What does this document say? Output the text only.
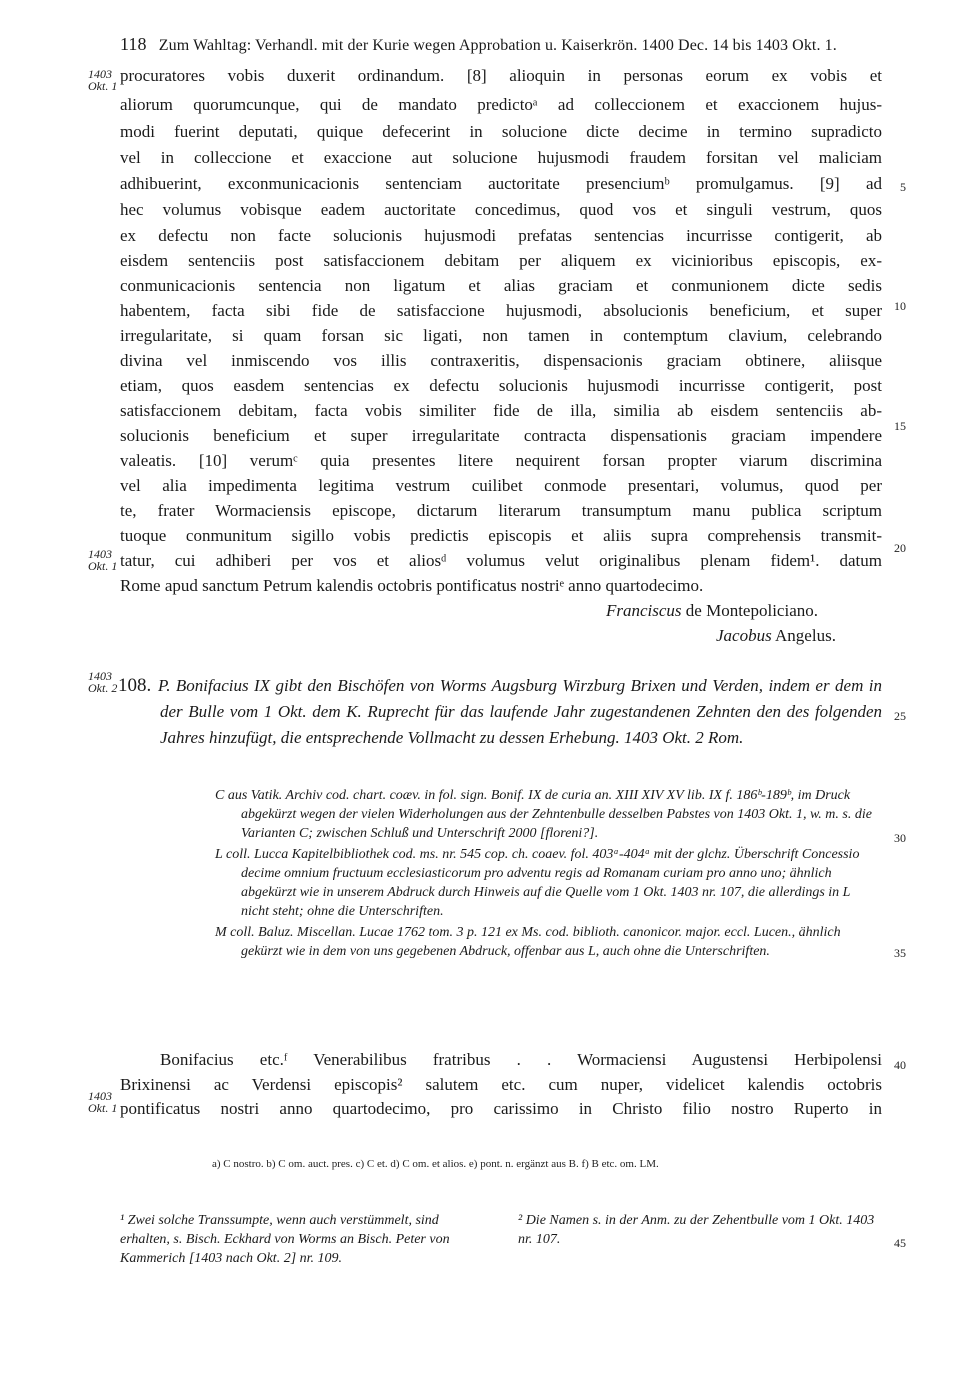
118 Zum Wahltag: Verhandl. mit der Kurie wegen Approbation u. Kaiserkrön. 1400 Dec. 14 bis 1403 Okt. 1.
1403
Okt. 1
1403
Okt. 1
1403
Okt. 2
1403
Okt. 1
5
10
15
20
25
30
35
40
45
procuratores vobis duxerit ordinandum. [8] alioquin in personas eorum ex vobis et
aliorum quorumcunque, qui de mandato predictoᵃ ad colleccionem et exaccionem hujus-
modi fuerint deputati, quique defecerint in solucione dicte decime in termino supradicto
vel in colleccione et exaccione aut solucione hujusmodi fraudem forsitan vel maliciam
adhibuerint, exconmunicacionis sentenciam auctoritate presenciumᵇ promulgamus. [9] ad
hec volumus vobisque eadem auctoritate concedimus, quod vos et singuli vestrum, quos
ex defectu non facte solucionis hujusmodi prefatas sentencias incurrisse contigerit, ab
eisdem sentenciis post satisfaccionem debitam per aliquem ex vicinioribus episcopis, ex-
conmunicacionis sentencia non ligatum et alias graciam et conmunionem dicte sedis
habentem, facta sibi fide de satisfaccione hujusmodi, absolucionis beneficium, et super
irregularitate, si quam forsan sic ligati, non tamen in contemptum clavium, celebrando
divina vel inmiscendo vos illis contraxeritis, dispensacionis graciam obtinere, aliisque
etiam, quos easdem sentencias ex defectu solucionis hujusmodi incurrisse contigerit, post
satisfaccionem debitam, facta vobis similiter fide de illa, similia ab eisdem sentenciis ab-
solucionis beneficium et super irregularitate contracta dispensationis graciam impendere
valeatis. [10] verumᶜ quia presentes litere nequirent forsan propter viarum discrimina
vel alia impedimenta legitima vestrum cuilibet conmode presentari, volumus, quod per
te, frater Wormaciensis episcope, dictarum literarum transumptum manu publica scriptum
tuoque conmunitum sigillo vobis predictis episcopis et aliis supra comprehensis transmit-
tatur, cui adhiberi per vos et aliosᵈ volumus velut originalibus plenam fidem¹. datum
Rome apud sanctum Petrum kalendis octobris pontificatus nostriᵉ anno quartodecimo.
Franciscus de Montepoliciano.
Jacobus Angelus.
108. P. Bonifacius IX gibt den Bischöfen von Worms Augsburg Wirzburg Brixen und Verden, indem er dem in der Bulle vom 1 Okt. dem K. Ruprecht für das laufende Jahr zugestandenen Zehnten den des folgenden Jahres hinzufügt, die entsprechende Vollmacht zu dessen Erhebung. 1403 Okt. 2 Rom.
C aus Vatik. Archiv cod. chart. coæv. in fol. sign. Bonif. IX de curia an. XIII XIV XV lib. IX f. 186ᵇ-189ᵇ, im Druck abgekürzt wegen der vielen Widerholungen aus der Zehntenbulle desselben Pabstes von 1403 Okt. 1, w. m. s. die Varianten C; zwischen Schluß und Unterschrift 2000 [floreni?].
L coll. Lucca Kapitelbibliothek cod. ms. nr. 545 cop. ch. coaev. fol. 403ᵃ-404ᵃ mit der glchz. Überschrift Concessio decime omnium fructuum ecclesiasticorum pro adventu regis ad Romanam curiam pro anno uno; ähnlich abgekürzt wie in unserem Abdruck durch Hinweis auf die Quelle vom 1 Okt. 1403 nr. 107, die allerdings in L nicht steht; ohne die Unterschriften.
M coll. Baluz. Miscellan. Lucae 1762 tom. 3 p. 121 ex Ms. cod. biblioth. canonicor. major. eccl. Lucen., ähnlich gekürzt wie in dem von uns gegebenen Abdruck, offenbar aus L, auch ohne die Unterschriften.
Bonifacius etc.ᶠ Venerabilibus fratribus . . Wormaciensi Augustensi Herbipolensi
Brixinensi ac Verdensi episcopis² salutem etc. cum nuper, videlicet kalendis octobris
pontificatus nostri anno quartodecimo, pro carissimo in Christo filio nostro Ruperto in
a) C nostro. b) C om. auct. pres. c) C et. d) C om. et alios. e) pont. n. ergänzt aus B. f) B etc. om. LM.
¹ Zwei solche Transsumpte, wenn auch verstümmelt, sind erhalten, s. Bisch. Eckhard von Worms an Bisch. Peter von Kammerich [1403 nach Okt. 2] nr. 109.
² Die Namen s. in der Anm. zu der Zehentbulle vom 1 Okt. 1403 nr. 107.
